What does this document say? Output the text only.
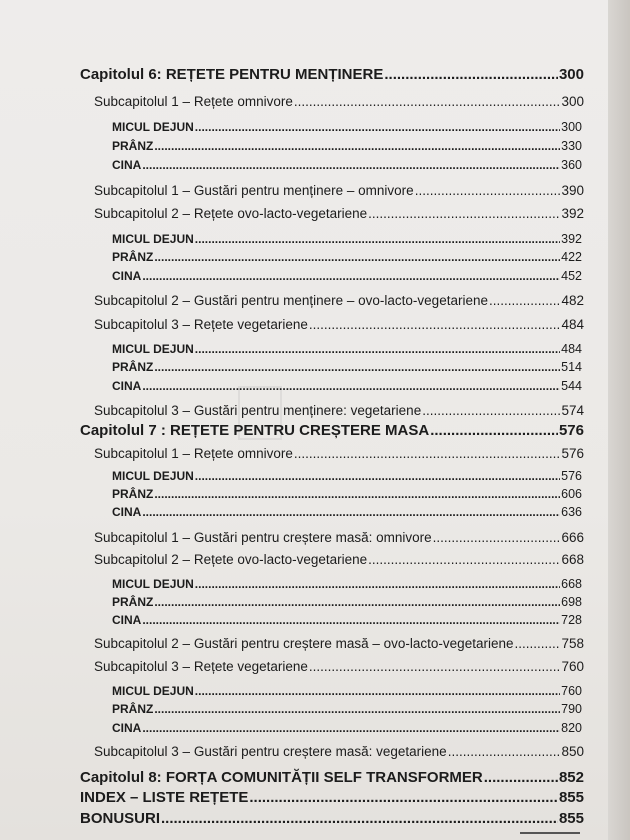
Capitolul 6: REȚETE PENTRU MENȚINERE .....	300
Subcapitolul 1 – Rețete omnivore .....	300
MICUL DEJUN .....	300
PRÂNZ .....	330
CINA .....	360
Subcapitolul 1 – Gustări pentru menținere – omnivore .....	390
Subcapitolul 2 – Rețete ovo-lacto-vegetariene .....	392
MICUL DEJUN .....	392
PRÂNZ .....	422
CINA .....	452
Subcapitolul 2 – Gustări pentru menținere – ovo-lacto-vegetariene .....	482
Subcapitolul 3 – Rețete vegetariene .....	484
MICUL DEJUN .....	484
PRÂNZ .....	514
CINA .....	544
Subcapitolul 3 – Gustări pentru menținere: vegetariene .....	574
Capitolul 7 : REȚETE PENTRU CREȘTERE MASA .....	576
Subcapitolul 1 – Rețete omnivore .....	576
MICUL DEJUN .....	576
PRÂNZ .....	606
CINA .....	636
Subcapitolul 1 – Gustări pentru creștere masă: omnivore .....	666
Subcapitolul 2 – Rețete ovo-lacto-vegetariene .....	668
MICUL DEJUN .....	668
PRÂNZ .....	698
CINA .....	728
Subcapitolul 2 – Gustări pentru creștere masă – ovo-lacto-vegetariene .....	758
Subcapitolul 3 – Rețete vegetariene .....	760
MICUL DEJUN .....	760
PRÂNZ .....	790
CINA .....	820
Subcapitolul 3 – Gustări pentru creștere masă: vegetariene .....	850
Capitolul 8: FORȚA COMUNITĂȚII SELF TRANSFORMER .....	852
INDEX – LISTE REȚETE .....	855
BONUSURI .....	855
